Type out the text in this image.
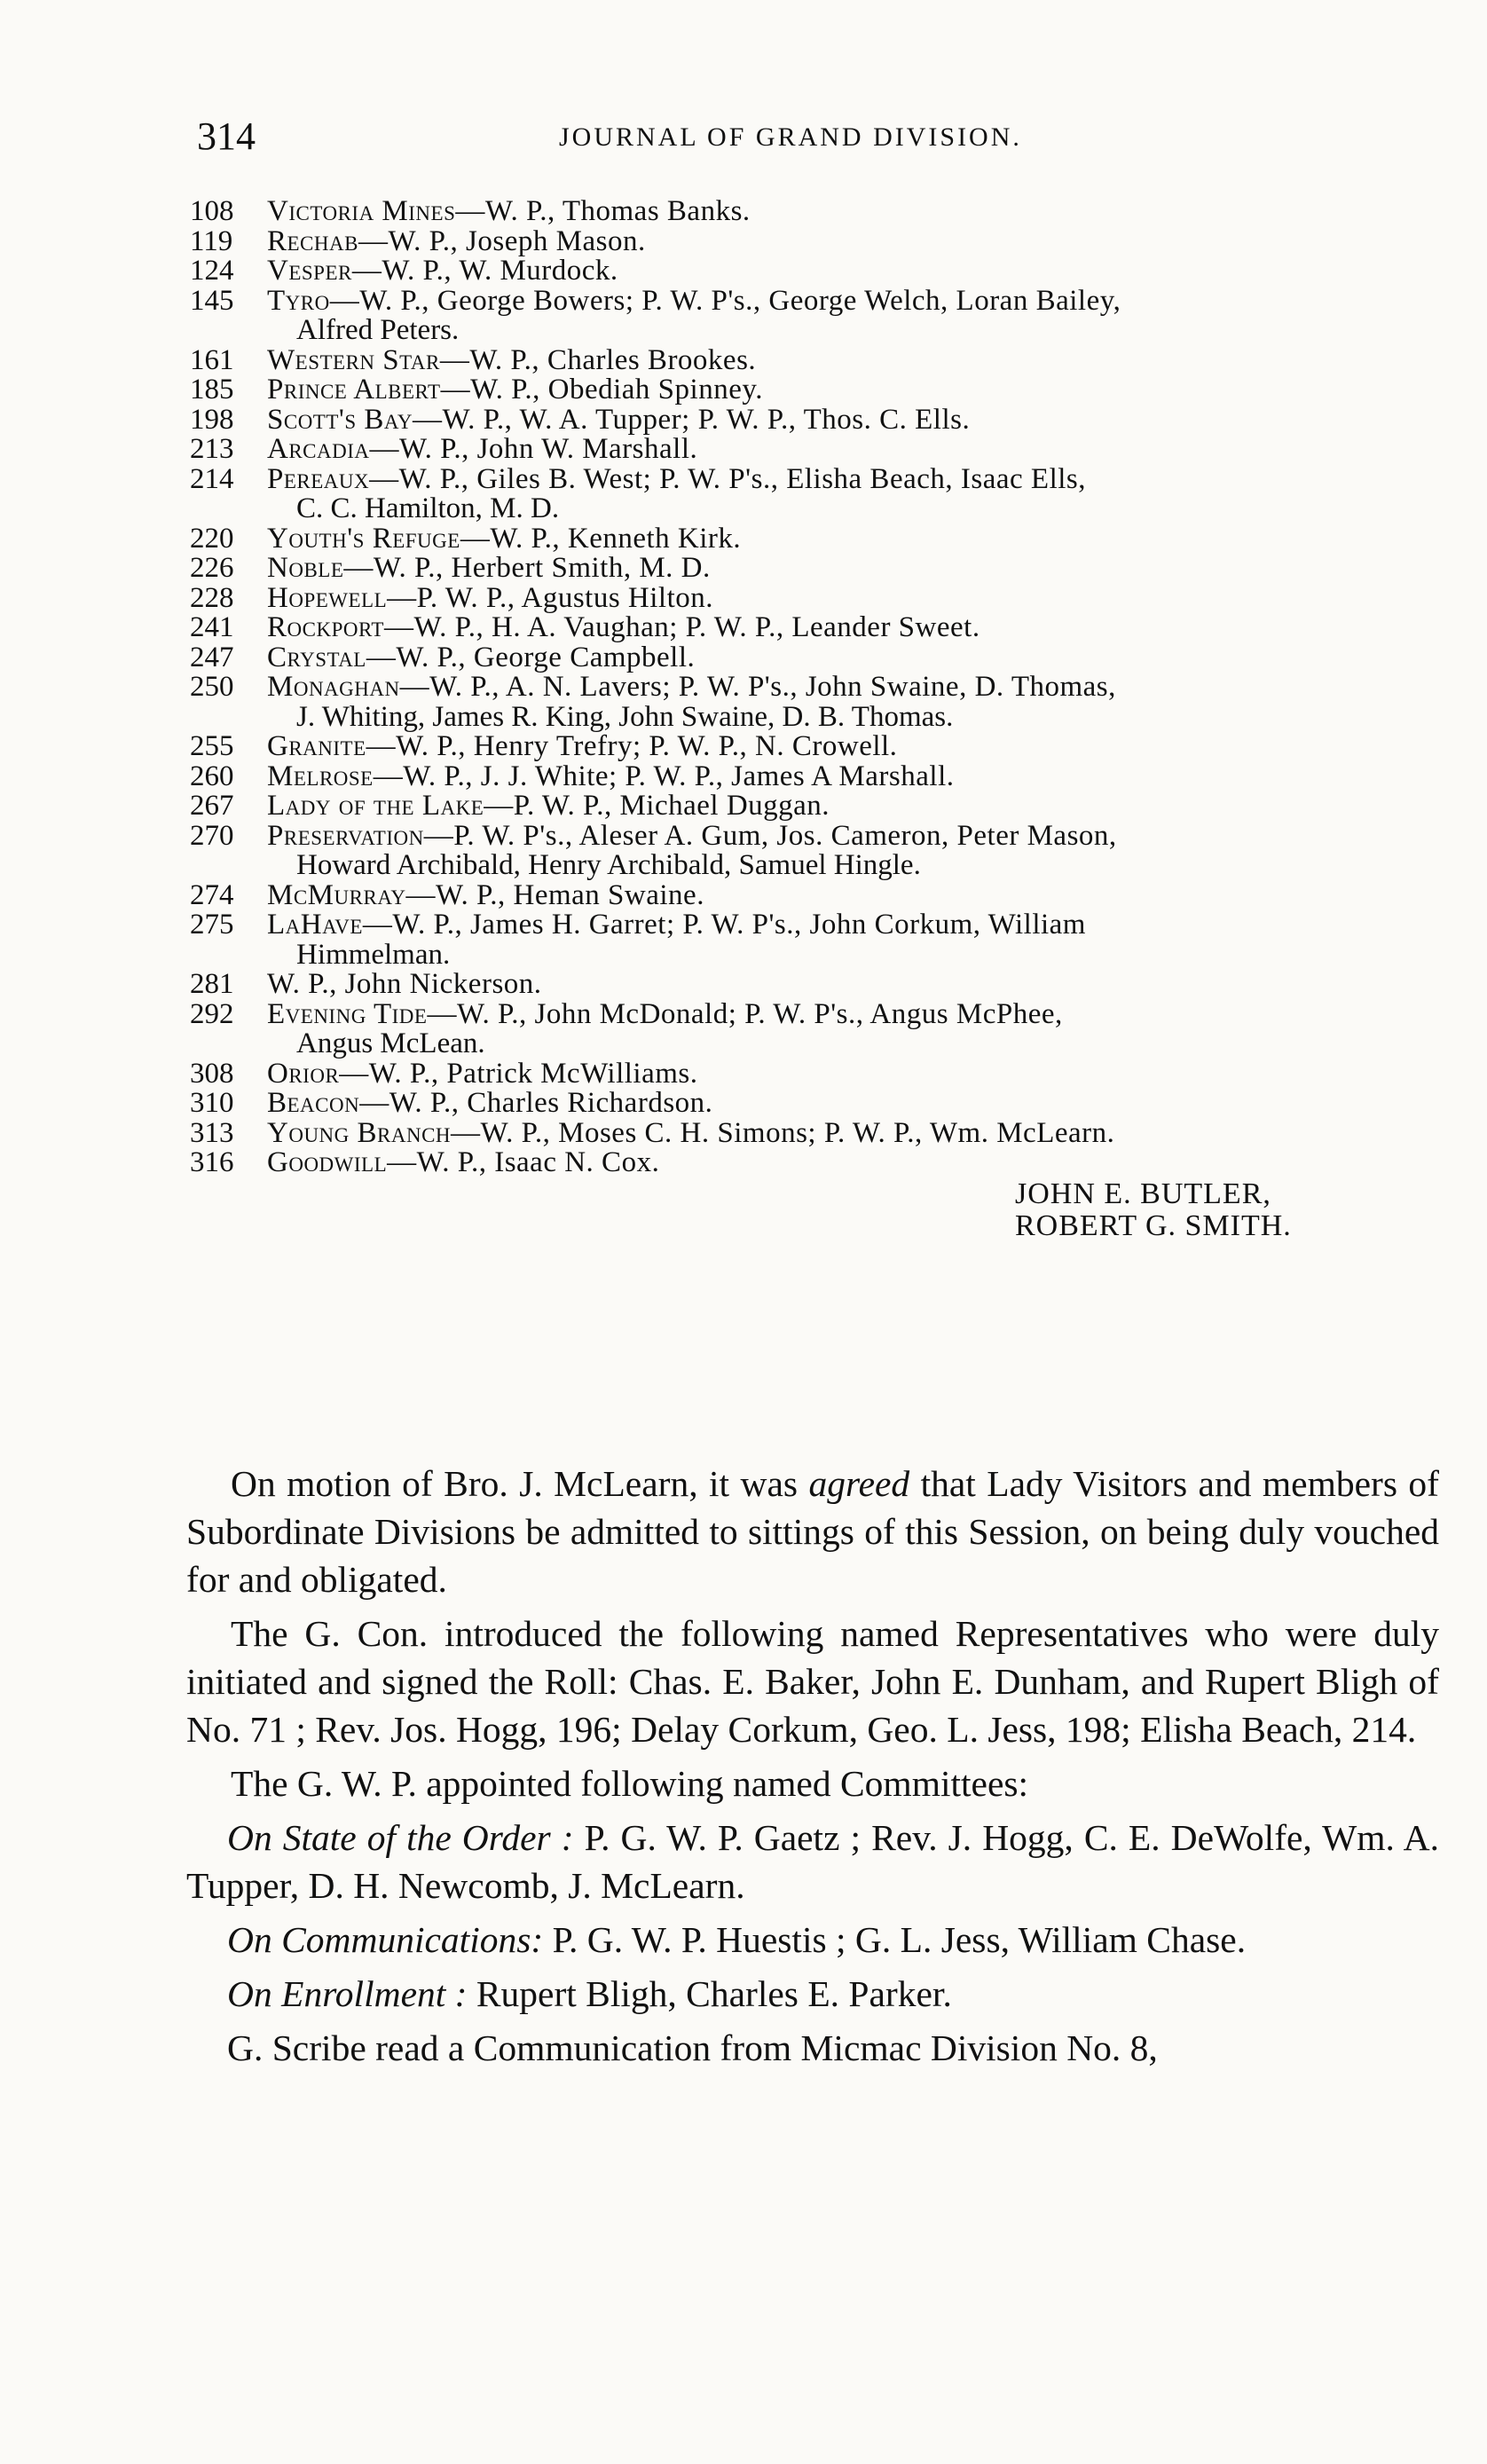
314	JOURNAL OF GRAND DIVISION.
108	Victoria Mines—W. P., Thomas Banks.
119	Rechab—W. P., Joseph Mason.
124	Vesper—W. P., W. Murdock.
145	Tyro—W. P., George Bowers; P. W. P's., George Welch, Loran Bailey,
Alfred Peters.
161	Western Star—W. P., Charles Brookes.
185	Prince Albert—W. P., Obediah Spinney.
198	Scott's Bay—W. P., W. A. Tupper; P. W. P., Thos. C. Ells.
213	Arcadia—W. P., John W. Marshall.
214	Pereaux—W. P., Giles B. West; P. W. P's., Elisha Beach, Isaac Ells,
C. C. Hamilton, M. D.
220	Youth's Refuge—W. P., Kenneth Kirk.
226	Noble—W. P., Herbert Smith, M. D.
228	Hopewell—P. W. P., Agustus Hilton.
241	Rockport—W. P., H. A. Vaughan; P. W. P., Leander Sweet.
247	Crystal—W. P., George Campbell.
250	Monaghan—W. P., A. N. Lavers; P. W. P's., John Swaine, D. Thomas,
J. Whiting, James R. King, John Swaine, D. B. Thomas.
255	Granite—W. P., Henry Trefry; P. W. P., N. Crowell.
260	Melrose—W. P., J. J. White; P. W. P., James A Marshall.
267	Lady of the Lake—P. W. P., Michael Duggan.
270	Preservation—P. W. P's., Aleser A. Gum, Jos. Cameron, Peter Mason,
Howard Archibald, Henry Archibald, Samuel Hingle.
274	McMurray—W. P., Heman Swaine.
275	LaHave—W. P., James H. Garret; P. W. P's., John Corkum, William
Himmelman.
281	W. P., John Nickerson.
292	Evening Tide—W. P., John McDonald; P. W. P's., Angus McPhee,
Angus McLean.
308	Orior—W. P., Patrick McWilliams.
310	Beacon—W. P., Charles Richardson.
313	Young Branch—W. P., Moses C. H. Simons; P. W. P., Wm. McLearn.
316	Goodwill—W. P., Isaac N. Cox.
JOHN E. BUTLER,
ROBERT G. SMITH.

On motion of Bro. J. McLearn, it was agreed that Lady Visitors and members of Subordinate Divisions be admitted to sittings of this Session, on being duly vouched for and obligated.

The G. Con. introduced the following named Representatives who were duly initiated and signed the Roll: Chas. E. Baker, John E. Dunham, and Rupert Bligh of No. 71 ; Rev. Jos. Hogg, 196; Delay Corkum, Geo. L. Jess, 198; Elisha Beach, 214.

The G. W. P. appointed following named Committees:

On State of the Order : P. G. W. P. Gaetz ; Rev. J. Hogg, C. E. DeWolfe, Wm. A. Tupper, D. H. Newcomb, J. McLearn.

On Communications: P. G. W. P. Huestis ; G. L. Jess, William Chase.

On Enrollment : Rupert Bligh, Charles E. Parker.

G. Scribe read a Communication from Micmac Division No. 8,
